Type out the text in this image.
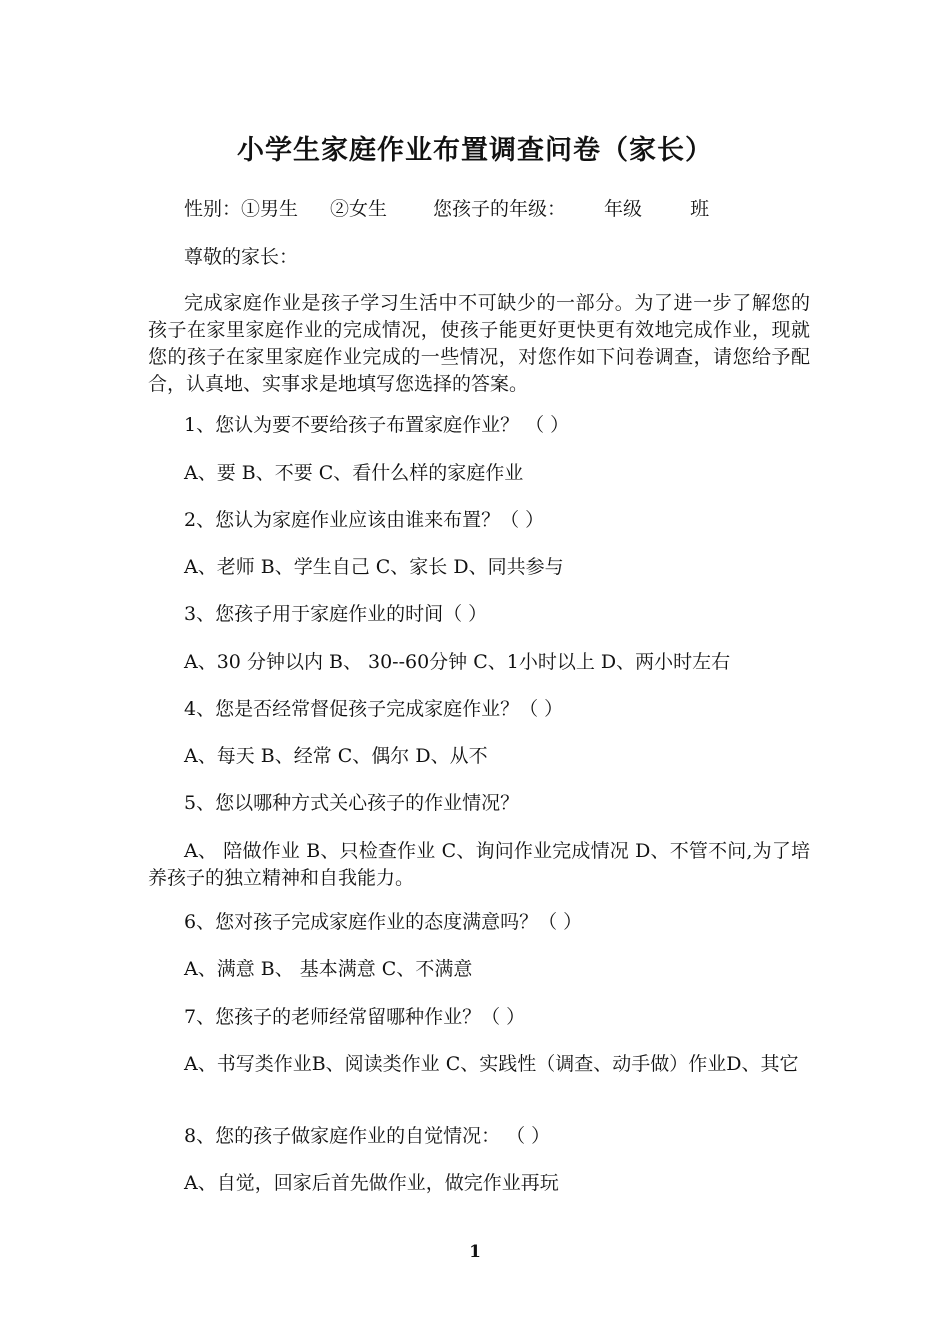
小学生家庭作业布置调查问卷（家长）
性别：①男生 ②女生 您孩子的年级： 年级	班
尊敬的家长：

完成家庭作业是孩子学习生活中不可缺少的一部分。为了进一步了解您的孩子在家里家庭作业的完成情况，使孩子能更好更快更有效地完成作业，现就您的孩子在家里家庭作业完成的一些情况，对您作如下问卷调查，请您给予配合，认真地、实事求是地填写您选择的答案。

1、您认为要不要给孩子布置家庭作业？ （ ）
A、要 B、不要 C、看什么样的家庭作业
2、您认为家庭作业应该由谁来布置？（ ）
A、老师 B、学生自己 C、家长 D、同共参与
3、您孩子用于家庭作业的时间（ ）
A、30 分钟以内 B、 30--60分钟 C、1小时以上 D、两小时左右
4、您是否经常督促孩子完成家庭作业？（ ）
A、每天 B、经常 C、偶尔 D、从不
5、您以哪种方式关心孩子的作业情况？

A、 陪做作业 B、只检查作业 C、询问作业完成情况 D、不管不问,为了培养孩子的独立精神和自我能力。

6、您对孩子完成家庭作业的态度满意吗？（ ）
A、满意 B、 基本满意 C、不满意
7、您孩子的老师经常留哪种作业？（ ）

A、书写类作业B、阅读类作业 C、实践性（调查、动手做）作业D、其它

8、您的孩子做家庭作业的自觉情况： （ ）
A、自觉，回家后首先做作业，做完作业再玩
1
